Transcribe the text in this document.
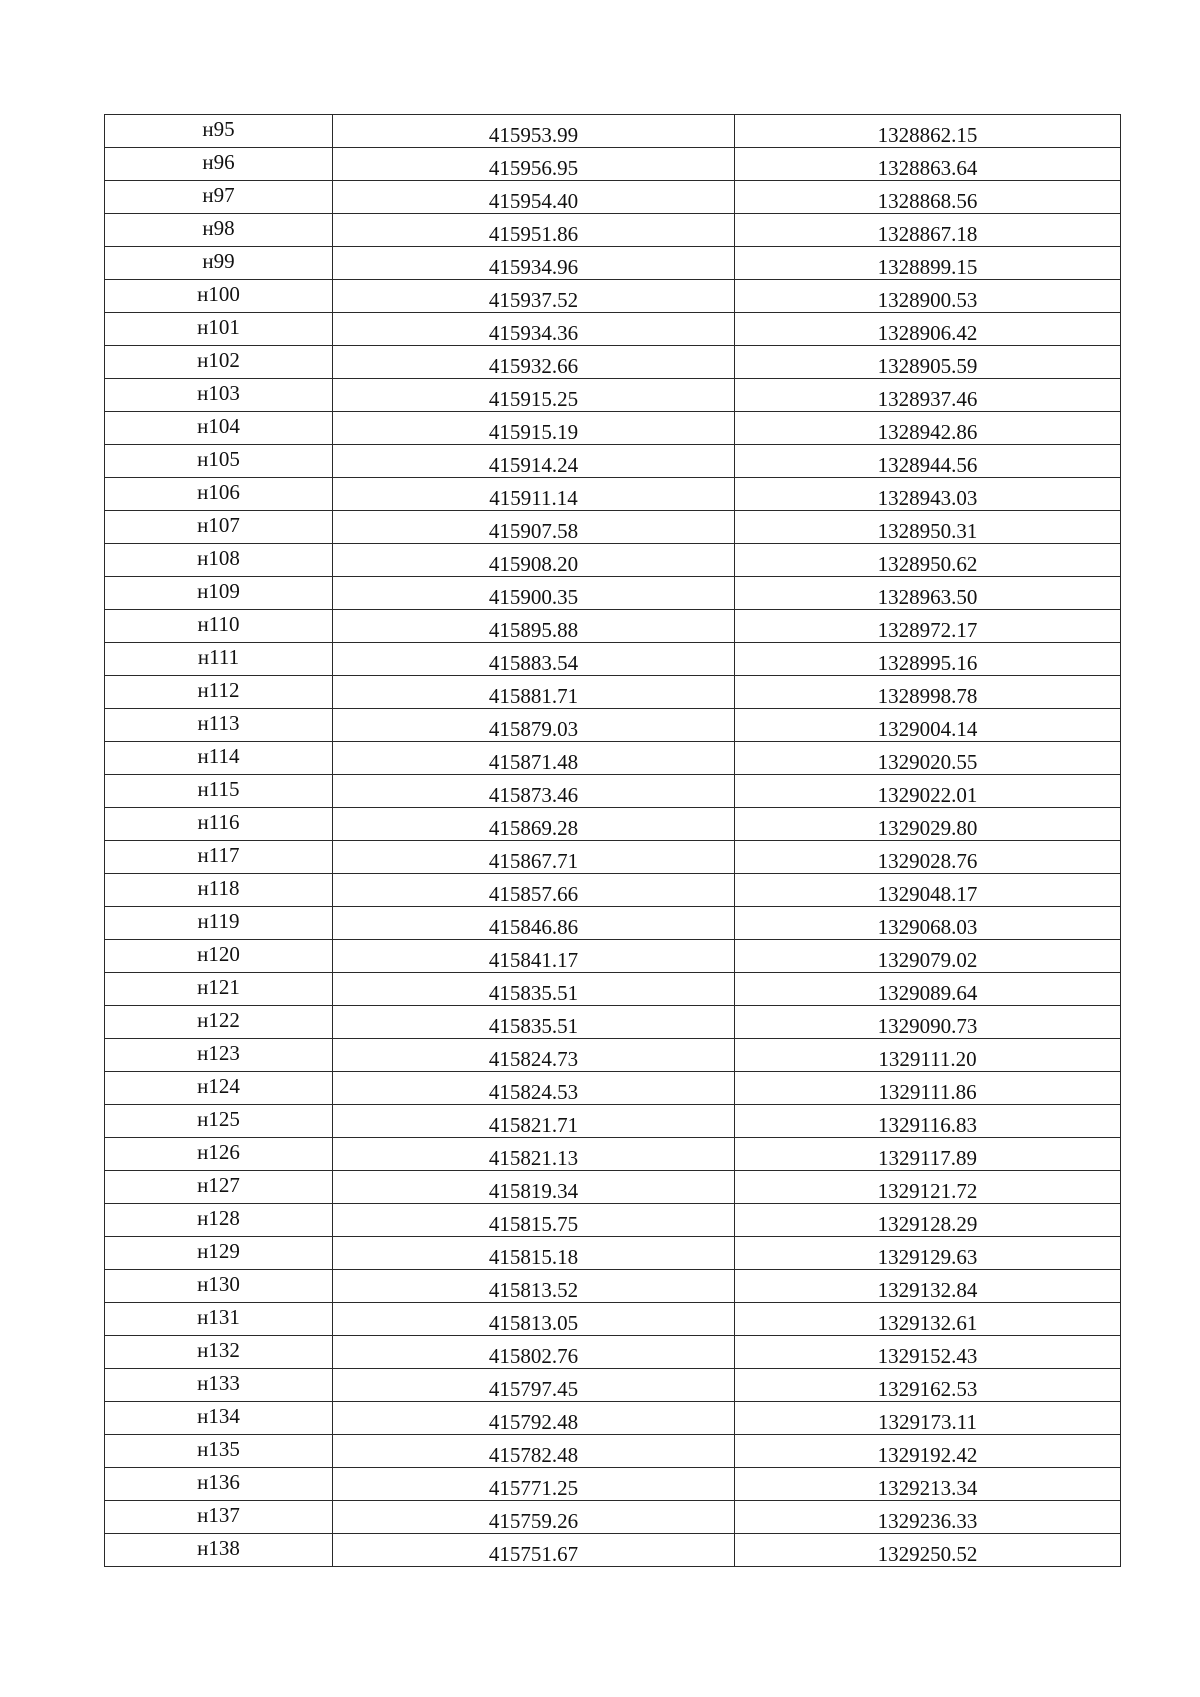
н95	415953.99	1328862.15
н96	415956.95	1328863.64
н97	415954.40	1328868.56
н98	415951.86	1328867.18
н99	415934.96	1328899.15
н100	415937.52	1328900.53
н101	415934.36	1328906.42
н102	415932.66	1328905.59
н103	415915.25	1328937.46
н104	415915.19	1328942.86
н105	415914.24	1328944.56
н106	415911.14	1328943.03
н107	415907.58	1328950.31
н108	415908.20	1328950.62
н109	415900.35	1328963.50
н110	415895.88	1328972.17
н111	415883.54	1328995.16
н112	415881.71	1328998.78
н113	415879.03	1329004.14
н114	415871.48	1329020.55
н115	415873.46	1329022.01
н116	415869.28	1329029.80
н117	415867.71	1329028.76
н118	415857.66	1329048.17
н119	415846.86	1329068.03
н120	415841.17	1329079.02
н121	415835.51	1329089.64
н122	415835.51	1329090.73
н123	415824.73	1329111.20
н124	415824.53	1329111.86
н125	415821.71	1329116.83
н126	415821.13	1329117.89
н127	415819.34	1329121.72
н128	415815.75	1329128.29
н129	415815.18	1329129.63
н130	415813.52	1329132.84
н131	415813.05	1329132.61
н132	415802.76	1329152.43
н133	415797.45	1329162.53
н134	415792.48	1329173.11
н135	415782.48	1329192.42
н136	415771.25	1329213.34
н137	415759.26	1329236.33
н138	415751.67	1329250.52
